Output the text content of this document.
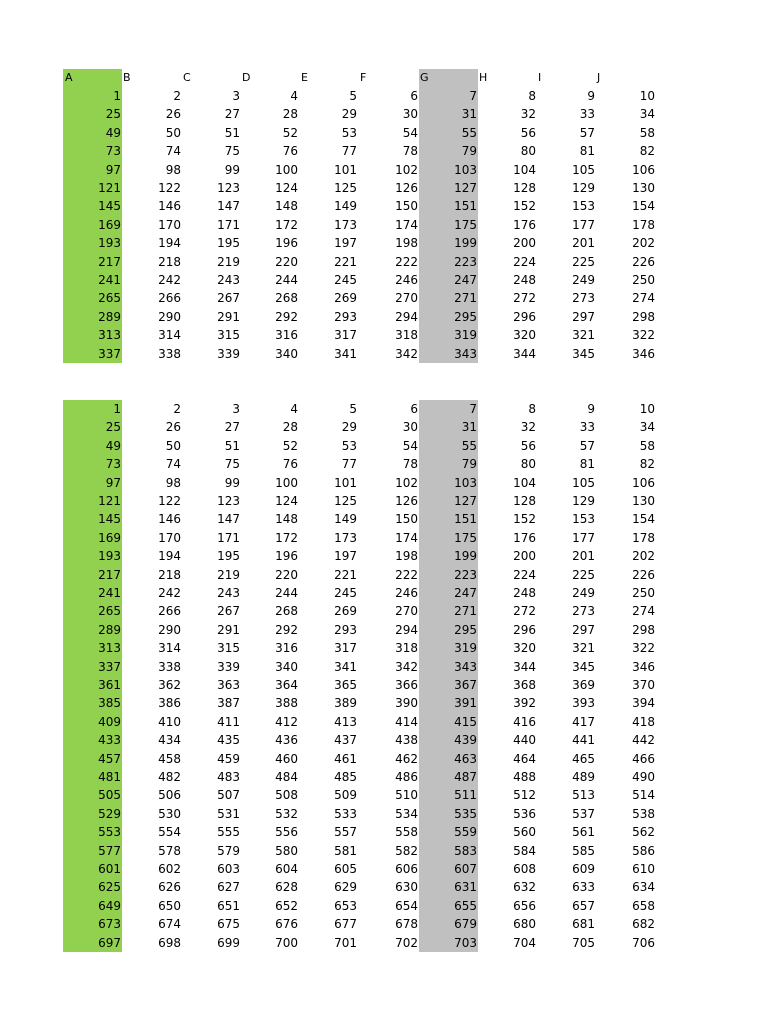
A	B	C	D	E	F	G	H	I	J
1	2	3	4	5	6	7	8	9	10
25	26	27	28	29	30	31	32	33	34
49	50	51	52	53	54	55	56	57	58
73	74	75	76	77	78	79	80	81	82
97	98	99	100	101	102	103	104	105	106
121	122	123	124	125	126	127	128	129	130
145	146	147	148	149	150	151	152	153	154
169	170	171	172	173	174	175	176	177	178
193	194	195	196	197	198	199	200	201	202
217	218	219	220	221	222	223	224	225	226
241	242	243	244	245	246	247	248	249	250
265	266	267	268	269	270	271	272	273	274
289	290	291	292	293	294	295	296	297	298
313	314	315	316	317	318	319	320	321	322
337	338	339	340	341	342	343	344	345	346
1	2	3	4	5	6	7	8	9	10
25	26	27	28	29	30	31	32	33	34
49	50	51	52	53	54	55	56	57	58
73	74	75	76	77	78	79	80	81	82
97	98	99	100	101	102	103	104	105	106
121	122	123	124	125	126	127	128	129	130
145	146	147	148	149	150	151	152	153	154
169	170	171	172	173	174	175	176	177	178
193	194	195	196	197	198	199	200	201	202
217	218	219	220	221	222	223	224	225	226
241	242	243	244	245	246	247	248	249	250
265	266	267	268	269	270	271	272	273	274
289	290	291	292	293	294	295	296	297	298
313	314	315	316	317	318	319	320	321	322
337	338	339	340	341	342	343	344	345	346
361	362	363	364	365	366	367	368	369	370
385	386	387	388	389	390	391	392	393	394
409	410	411	412	413	414	415	416	417	418
433	434	435	436	437	438	439	440	441	442
457	458	459	460	461	462	463	464	465	466
481	482	483	484	485	486	487	488	489	490
505	506	507	508	509	510	511	512	513	514
529	530	531	532	533	534	535	536	537	538
553	554	555	556	557	558	559	560	561	562
577	578	579	580	581	582	583	584	585	586
601	602	603	604	605	606	607	608	609	610
625	626	627	628	629	630	631	632	633	634
649	650	651	652	653	654	655	656	657	658
673	674	675	676	677	678	679	680	681	682
697	698	699	700	701	702	703	704	705	706
